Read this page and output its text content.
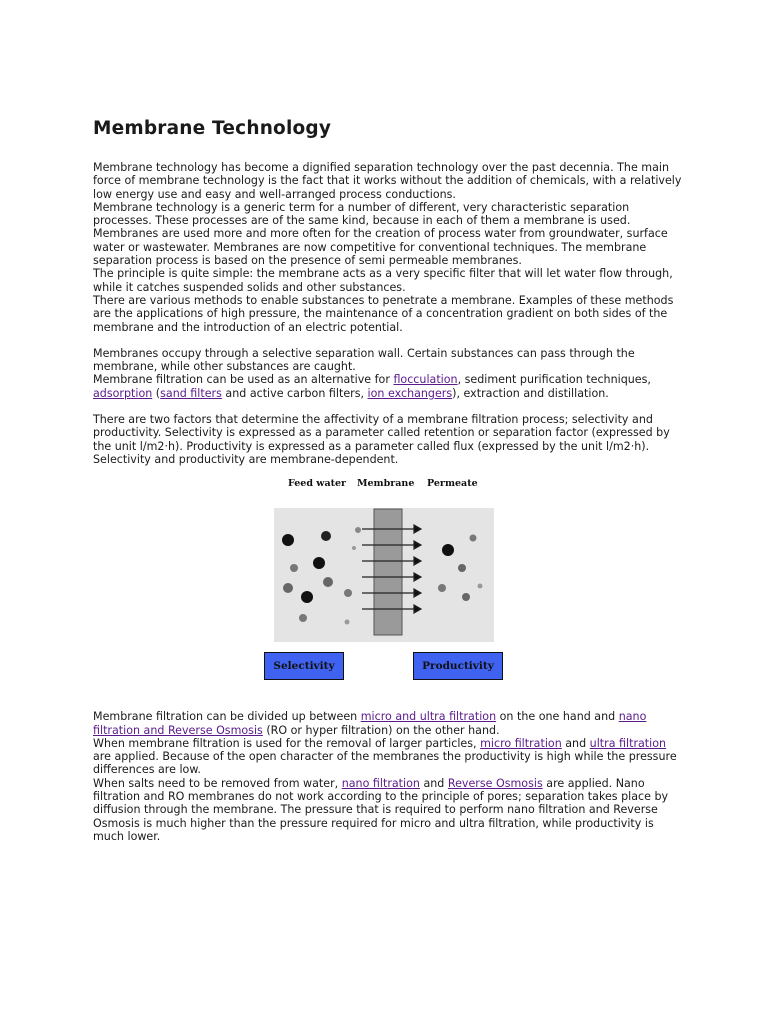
Membrane Technology

Membrane technology has become a dignified separation technology over the past decennia. The main force of membrane technology is the fact that it works without the addition of chemicals, with a relatively low energy use and easy and well-arranged process conductions.

Membrane technology is a generic term for a number of different, very characteristic separation processes. These processes are of the same kind, because in each of them a membrane is used. Membranes are used more and more often for the creation of process water from groundwater, surface water or wastewater. Membranes are now competitive for conventional techniques. The membrane separation process is based on the presence of semi permeable membranes.

The principle is quite simple: the membrane acts as a very specific filter that will let water flow through, while it catches suspended solids and other substances.

There are various methods to enable substances to penetrate a membrane. Examples of these methods are the applications of high pressure, the maintenance of a concentration gradient on both sides of the membrane and the introduction of an electric potential.

Membranes occupy through a selective separation wall. Certain substances can pass through the membrane, while other substances are caught.

Membrane filtration can be used as an alternative for flocculation, sediment purification techniques, adsorption (sand filters and active carbon filters, ion exchangers), extraction and distillation.

There are two factors that determine the affectivity of a membrane filtration process; selectivity and productivity. Selectivity is expressed as a parameter called retention or separation factor (expressed by the unit l/m2·h). Productivity is expressed as a parameter called flux (expressed by the unit l/m2·h). Selectivity and productivity are membrane-dependent.

Feed water Membrane Permeate
Selectivity	Productivity

Membrane filtration can be divided up between micro and ultra filtration on the one hand and nano filtration and Reverse Osmosis (RO or hyper filtration) on the other hand.

When membrane filtration is used for the removal of larger particles, micro filtration and ultra filtration are applied. Because of the open character of the membranes the productivity is high while the pressure differences are low.

When salts need to be removed from water, nano filtration and Reverse Osmosis are applied. Nano filtration and RO membranes do not work according to the principle of pores; separation takes place by diffusion through the membrane. The pressure that is required to perform nano filtration and Reverse Osmosis is much higher than the pressure required for micro and ultra filtration, while productivity is much lower.
